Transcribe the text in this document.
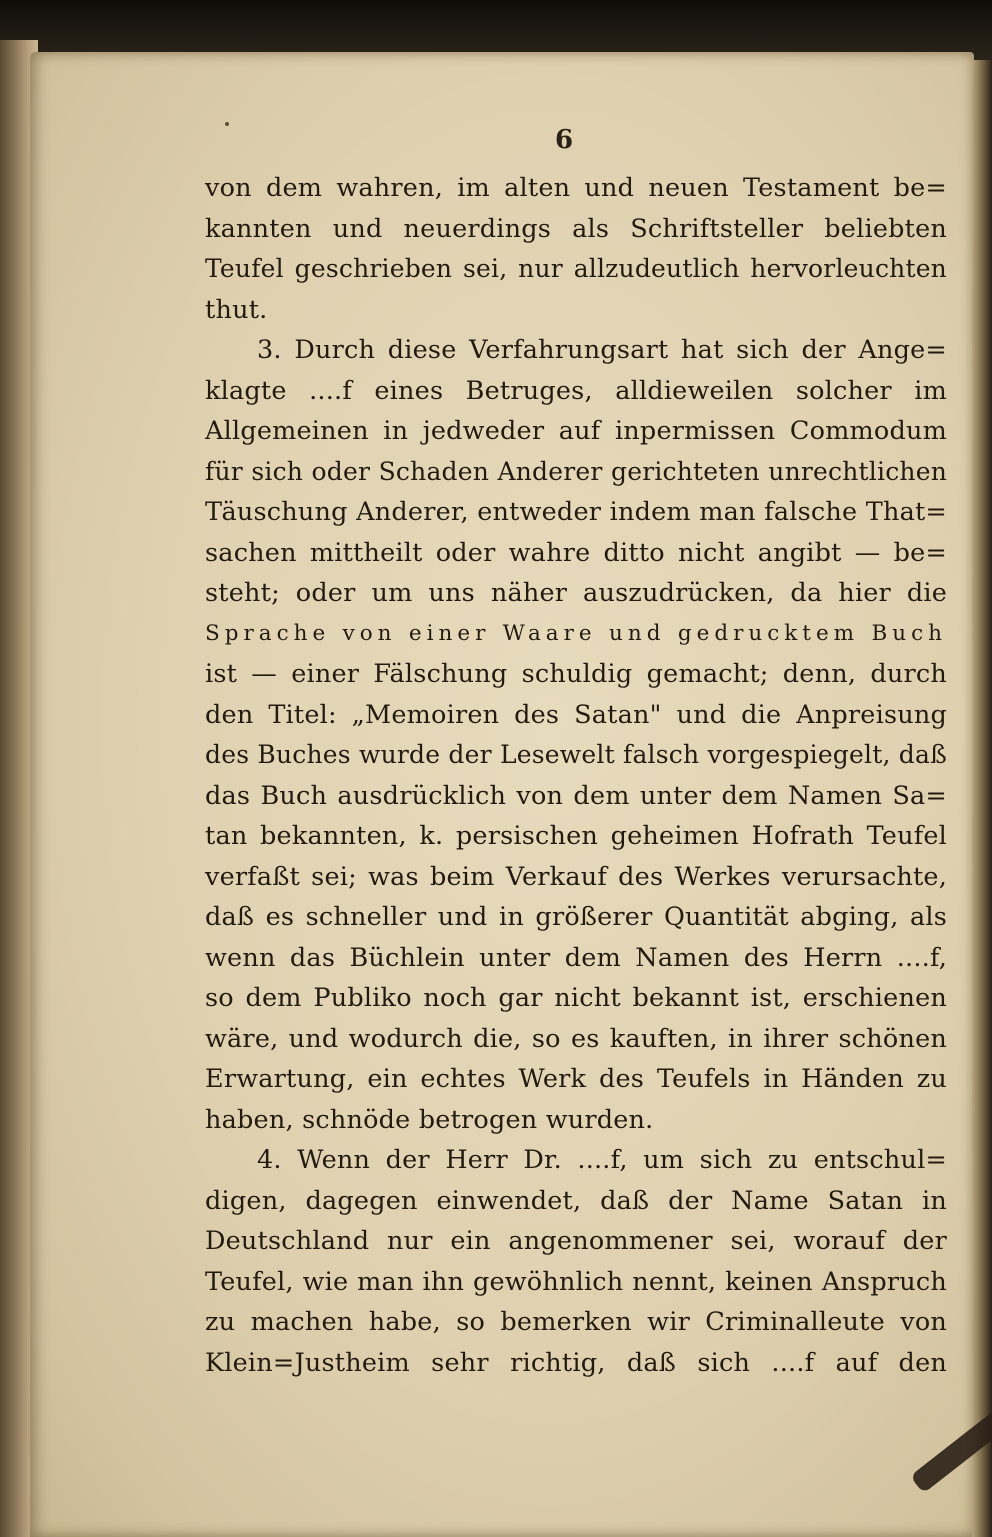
6
von dem wahren, im alten und neuen Testament be=
kannten und neuerdings als Schriftsteller beliebten
Teufel geschrieben sei, nur allzudeutlich hervorleuchten
thut.
3. Durch diese Verfahrungsart hat sich der Ange=
klagte ....f eines Betruges, alldieweilen solcher im
Allgemeinen in jedweder auf inpermissen Commodum
für sich oder Schaden Anderer gerichteten unrechtlichen
Täuschung Anderer, entweder indem man falsche That=
sachen mittheilt oder wahre ditto nicht angibt — be=
steht; oder um uns näher auszudrücken, da hier die
Sprache von einer Waare und gedrucktem Buch
ist — einer Fälschung schuldig gemacht; denn, durch
den Titel: „Memoiren des Satan" und die Anpreisung
des Buches wurde der Lesewelt falsch vorgespiegelt, daß
das Buch ausdrücklich von dem unter dem Namen Sa=
tan bekannten, k. persischen geheimen Hofrath Teufel
verfaßt sei; was beim Verkauf des Werkes verursachte,
daß es schneller und in größerer Quantität abging, als
wenn das Büchlein unter dem Namen des Herrn ....f,
so dem Publiko noch gar nicht bekannt ist, erschienen
wäre, und wodurch die, so es kauften, in ihrer schönen
Erwartung, ein echtes Werk des Teufels in Händen zu
haben, schnöde betrogen wurden.
4. Wenn der Herr Dr. ....f, um sich zu entschul=
digen, dagegen einwendet, daß der Name Satan in
Deutschland nur ein angenommener sei, worauf der
Teufel, wie man ihn gewöhnlich nennt, keinen Anspruch
zu machen habe, so bemerken wir Criminalleute von
Klein=Justheim sehr richtig, daß sich ....f auf den
